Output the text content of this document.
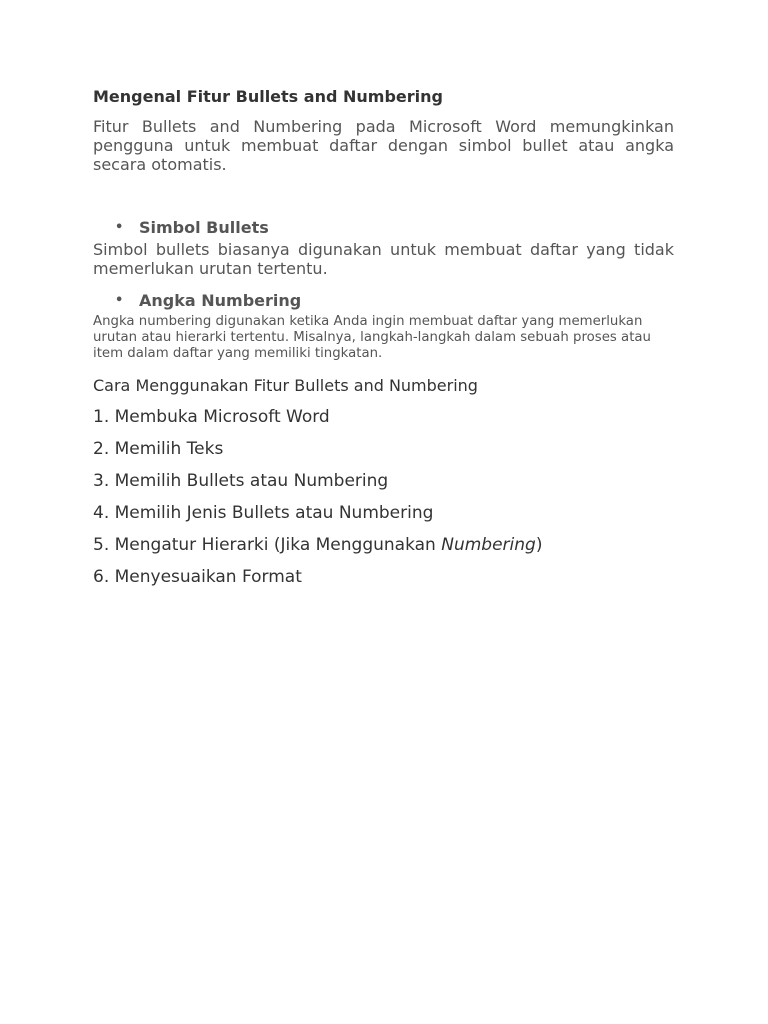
Mengenal Fitur Bullets and Numbering

Fitur Bullets and Numbering pada Microsoft Word memungkinkan pengguna untuk membuat daftar dengan simbol bullet atau angka secara otomatis.

• Simbol Bullets

Simbol bullets biasanya digunakan untuk membuat daftar yang tidak memerlukan urutan tertentu.

• Angka Numbering

Angka numbering digunakan ketika Anda ingin membuat daftar yang memerlukan urutan atau hierarki tertentu. Misalnya, langkah-langkah dalam sebuah proses atau item dalam daftar yang memiliki tingkatan.

Cara Menggunakan Fitur Bullets and Numbering

1. Membuka Microsoft Word
2. Memilih Teks
3. Memilih Bullets atau Numbering
4. Memilih Jenis Bullets atau Numbering
5. Mengatur Hierarki (Jika Menggunakan Numbering)
6. Menyesuaikan Format
